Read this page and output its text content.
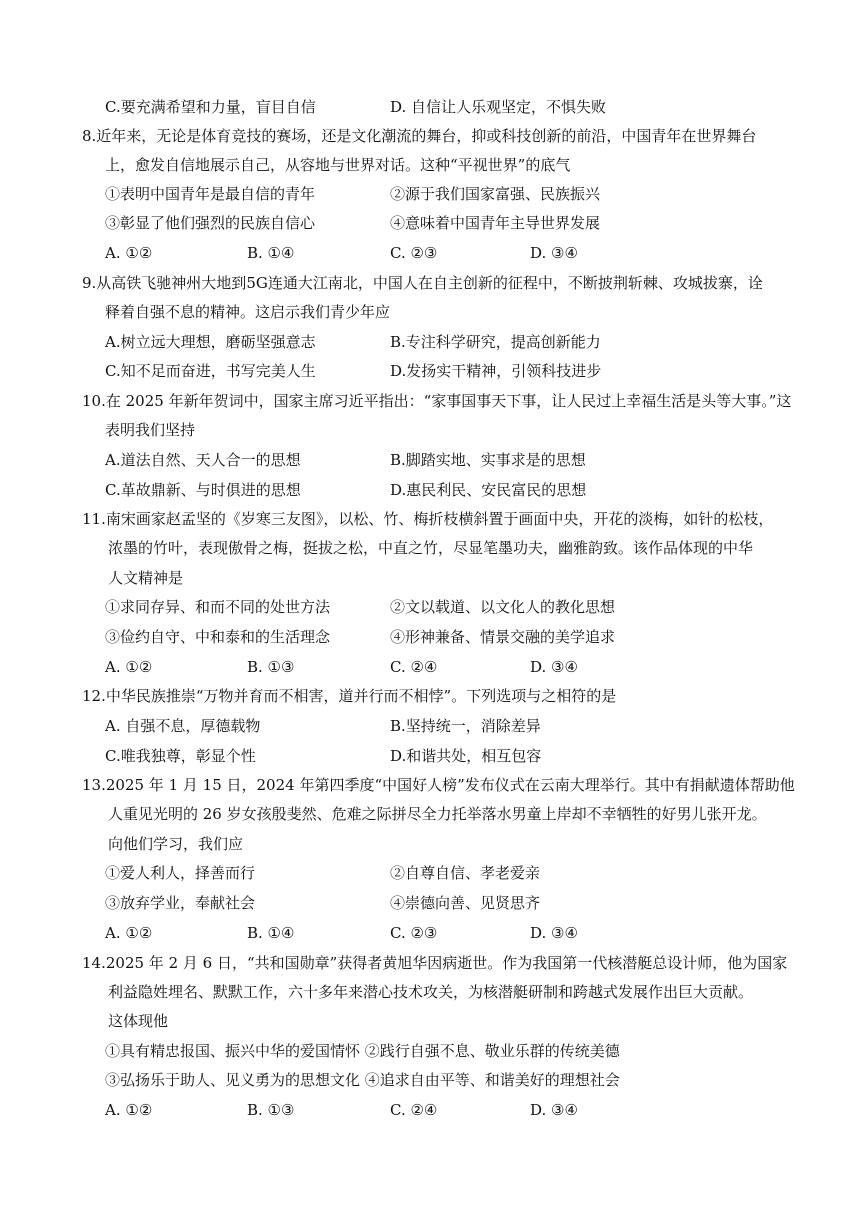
C.要充满希望和力量，盲目自信	D. 自信让人乐观坚定，不惧失败
8.近年来，无论是体育竞技的赛场，还是文化潮流的舞台，抑或科技创新的前沿，中国青年在世界舞台
上，愈发自信地展示自己，从容地与世界对话。这种“平视世界”的底气
①表明中国青年是最自信的青年	②源于我们国家富强、民族振兴
③彰显了他们强烈的民族自信心	④意味着中国青年主导世界发展
A. ①②	B. ①④	C. ②③	D. ③④
9.从高铁飞驰神州大地到5G连通大江南北，中国人在自主创新的征程中，不断披荆斩棘、攻城拔寨，诠
释着自强不息的精神。这启示我们青少年应
A.树立远大理想，磨砺坚强意志	B.专注科学研究，提高创新能力
C.知不足而奋进，书写完美人生	D.发扬实干精神，引领科技进步
10.在 2025 年新年贺词中，国家主席习近平指出：“家事国事天下事，让人民过上幸福生活是头等大事。”这
表明我们坚持
A.道法自然、天人合一的思想	B.脚踏实地、实事求是的思想
C.革故鼎新、与时俱进的思想	D.惠民利民、安民富民的思想
11.南宋画家赵孟坚的《岁寒三友图》，以松、竹、梅折枝横斜置于画面中央，开花的淡梅，如针的松枝，
浓墨的竹叶，表现傲骨之梅，挺拔之松，中直之竹，尽显笔墨功夫，幽雅韵致。该作品体现的中华
人文精神是
①求同存异、和而不同的处世方法	②文以载道、以文化人的教化思想
③俭约自守、中和泰和的生活理念	④形神兼备、情景交融的美学追求
A. ①②	B. ①③	C. ②④	D. ③④
12.中华民族推崇“万物并育而不相害，道并行而不相悖”。下列选项与之相符的是
A. 自强不息，厚德载物	B.坚持统一，消除差异
C.唯我独尊，彰显个性	D.和谐共处，相互包容
13.2025 年 1 月 15 日，2024 年第四季度“中国好人榜”发布仪式在云南大理举行。其中有捐献遗体帮助他
人重见光明的 26 岁女孩殷斐然、危难之际拼尽全力托举落水男童上岸却不幸牺牲的好男儿张开龙。
向他们学习，我们应
①爱人利人，择善而行	②自尊自信、孝老爱亲
③放弃学业，奉献社会	④崇德向善、见贤思齐
A. ①②	B. ①④	C. ②③	D. ③④
14.2025 年 2 月 6 日，“共和国勋章”获得者黄旭华因病逝世。作为我国第一代核潜艇总设计师，他为国家
利益隐姓埋名、默默工作，六十多年来潜心技术攻关，为核潜艇研制和跨越式发展作出巨大贡献。
这体现他
①具有精忠报国、振兴中华的爱国情怀 ②践行自强不息、敬业乐群的传统美德
③弘扬乐于助人、见义勇为的思想文化 ④追求自由平等、和谐美好的理想社会
A. ①②	B. ①③	C. ②④	D. ③④
